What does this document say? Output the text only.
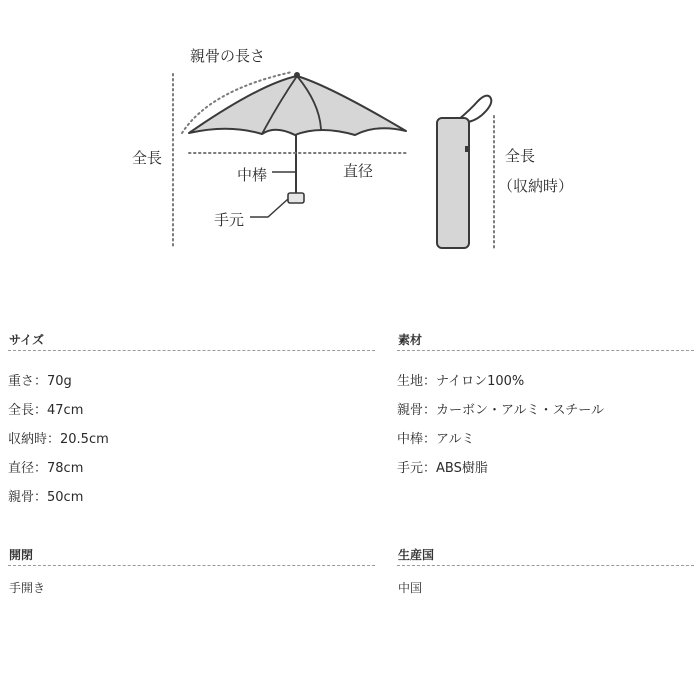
親骨の長さ
全長
中棒	直径
手元
全長
（収納時）
サイズ
重さ：70g
全長：47cm
収納時：20.5cm
直径：78cm
親骨：50cm
素材
生地：ナイロン100%
親骨：カーボン・アルミ・スチール
中棒：アルミ
手元：ABS樹脂
開閉
手開き
生産国
中国
